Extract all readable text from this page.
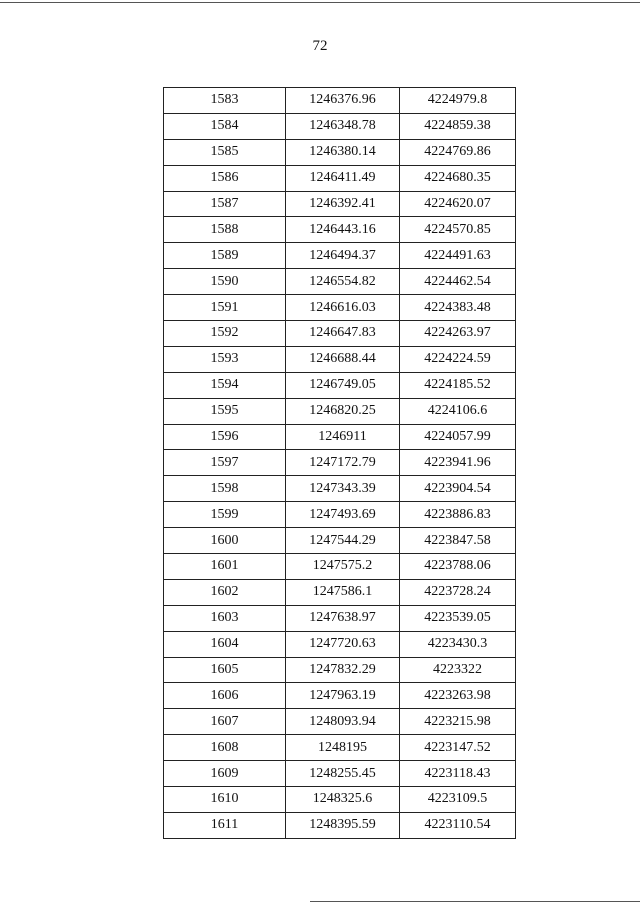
72
1583	1246376.96	4224979.8
1584	1246348.78	4224859.38
1585	1246380.14	4224769.86
1586	1246411.49	4224680.35
1587	1246392.41	4224620.07
1588	1246443.16	4224570.85
1589	1246494.37	4224491.63
1590	1246554.82	4224462.54
1591	1246616.03	4224383.48
1592	1246647.83	4224263.97
1593	1246688.44	4224224.59
1594	1246749.05	4224185.52
1595	1246820.25	4224106.6
1596	1246911	4224057.99
1597	1247172.79	4223941.96
1598	1247343.39	4223904.54
1599	1247493.69	4223886.83
1600	1247544.29	4223847.58
1601	1247575.2	4223788.06
1602	1247586.1	4223728.24
1603	1247638.97	4223539.05
1604	1247720.63	4223430.3
1605	1247832.29	4223322
1606	1247963.19	4223263.98
1607	1248093.94	4223215.98
1608	1248195	4223147.52
1609	1248255.45	4223118.43
1610	1248325.6	4223109.5
1611	1248395.59	4223110.54
